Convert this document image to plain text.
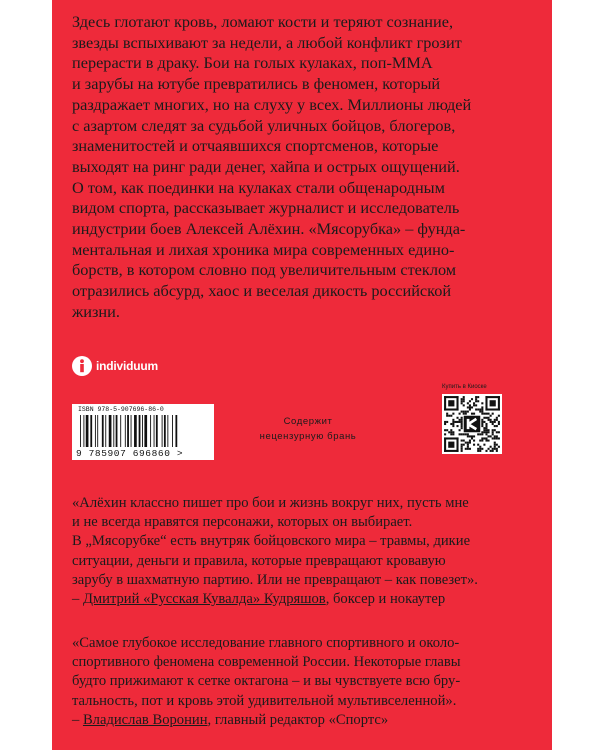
Здесь глотают кровь, ломают кости и теряют сознание,
звезды вспыхивают за недели, а любой конфликт грозит
перерасти в драку. Бои на голых кулаках, поп-ММА
и зарубы на ютубе превратились в феномен, который
раздражает многих, но на слуху у всех. Миллионы людей
с азартом следят за судьбой уличных бойцов, блогеров,
знаменитостей и отчаявшихся спортсменов, которые
выходят на ринг ради денег, хайпа и острых ощущений.
О том, как поединки на кулаках стали общенародным
видом спорта, рассказывает журналист и исследователь
индустрии боев Алексей Алёхин. «Мясорубка» – фунда-
ментальная и лихая хроника мира современных едино-
борств, в котором словно под увеличительным стеклом
отразились абсурд, хаос и веселая дикость российской
жизни.
individuum
ISBN 978-5-907696-86-0
9 785907 696860 >
Содержит
нецензурную брань
Купить в Киоске
«Алёхин классно пишет про бои и жизнь вокруг них, пусть мне
и не всегда нравятся персонажи, которых он выбирает.
В „Мясорубке“ есть внутряк бойцовского мира – травмы, дикие
ситуации, деньги и правила, которые превращают кровавую
зарубу в шахматную партию. Или не превращают – как повезет».
– Дмитрий «Русская Кувалда» Кудряшов, боксер и нокаутер
«Самое глубокое исследование главного спортивного и около-
спортивного феномена современной России. Некоторые главы
будто прижимают к сетке октагона – и вы чувствуете всю бру-
тальность, пот и кровь этой удивительной мультивселенной».
– Владислав Воронин, главный редактор «Спортс»
